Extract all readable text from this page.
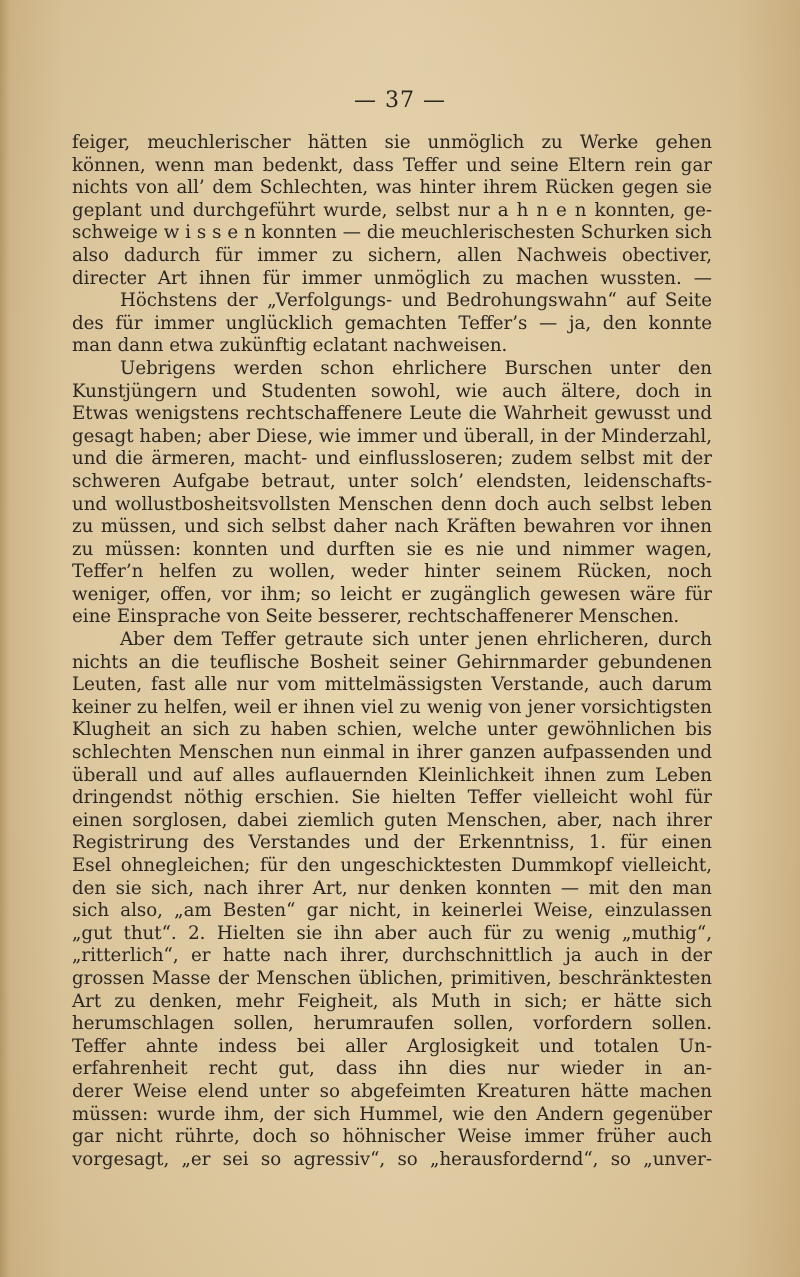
— 37 —
feiger, meuchlerischer hätten sie unmöglich zu Werke gehen
können, wenn man bedenkt, dass Teffer und seine Eltern rein gar
nichts von all’ dem Schlechten, was hinter ihrem Rücken gegen sie
geplant und durchgeführt wurde, selbst nur a h n e n konnten, ge-
schweige w i s s e n konnten — die meuchlerischesten Schurken sich
also dadurch für immer zu sichern, allen Nachweis obectiver,
directer Art ihnen für immer unmöglich zu machen wussten. —
Höchstens der „Verfolgungs- und Bedrohungswahn“ auf Seite
des für immer unglücklich gemachten Teffer’s — ja, den konnte
man dann etwa zukünftig eclatant nachweisen.
Uebrigens werden schon ehrlichere Burschen unter den
Kunstjüngern und Studenten sowohl, wie auch ältere, doch in
Etwas wenigstens rechtschaffenere Leute die Wahrheit gewusst und
gesagt haben; aber Diese, wie immer und überall, in der Minderzahl,
und die ärmeren, macht- und einflussloseren; zudem selbst mit der
schweren Aufgabe betraut, unter solch’ elendsten, leidenschafts-
und wollustbosheitsvollsten Menschen denn doch auch selbst leben
zu müssen, und sich selbst daher nach Kräften bewahren vor ihnen
zu müssen: konnten und durften sie es nie und nimmer wagen,
Teffer’n helfen zu wollen, weder hinter seinem Rücken, noch
weniger, offen, vor ihm; so leicht er zugänglich gewesen wäre für
eine Einsprache von Seite besserer, rechtschaffenerer Menschen.
Aber dem Teffer getraute sich unter jenen ehrlicheren, durch
nichts an die teuflische Bosheit seiner Gehirnmarder gebundenen
Leuten, fast alle nur vom mittelmässigsten Verstande, auch darum
keiner zu helfen, weil er ihnen viel zu wenig von jener vorsichtigsten
Klugheit an sich zu haben schien, welche unter gewöhnlichen bis
schlechten Menschen nun einmal in ihrer ganzen aufpassenden und
überall und auf alles auflauernden Kleinlichkeit ihnen zum Leben
dringendst nöthig erschien. Sie hielten Teffer vielleicht wohl für
einen sorglosen, dabei ziemlich guten Menschen, aber, nach ihrer
Registrirung des Verstandes und der Erkenntniss, 1. für einen
Esel ohnegleichen; für den ungeschicktesten Dummkopf vielleicht,
den sie sich, nach ihrer Art, nur denken konnten — mit den man
sich also, „am Besten“ gar nicht, in keinerlei Weise, einzulassen
„gut thut“. 2. Hielten sie ihn aber auch für zu wenig „muthig“,
„ritterlich“, er hatte nach ihrer, durchschnittlich ja auch in der
grossen Masse der Menschen üblichen, primitiven, beschränktesten
Art zu denken, mehr Feigheit, als Muth in sich; er hätte sich
herumschlagen sollen, herumraufen sollen, vorfordern sollen.
Teffer ahnte indess bei aller Arglosigkeit und totalen Un-
erfahrenheit recht gut, dass ihn dies nur wieder in an-
derer Weise elend unter so abgefeimten Kreaturen hätte machen
müssen: wurde ihm, der sich Hummel, wie den Andern gegenüber
gar nicht rührte, doch so höhnischer Weise immer früher auch
vorgesagt, „er sei so agressiv“, so „herausfordernd“, so „unver-
